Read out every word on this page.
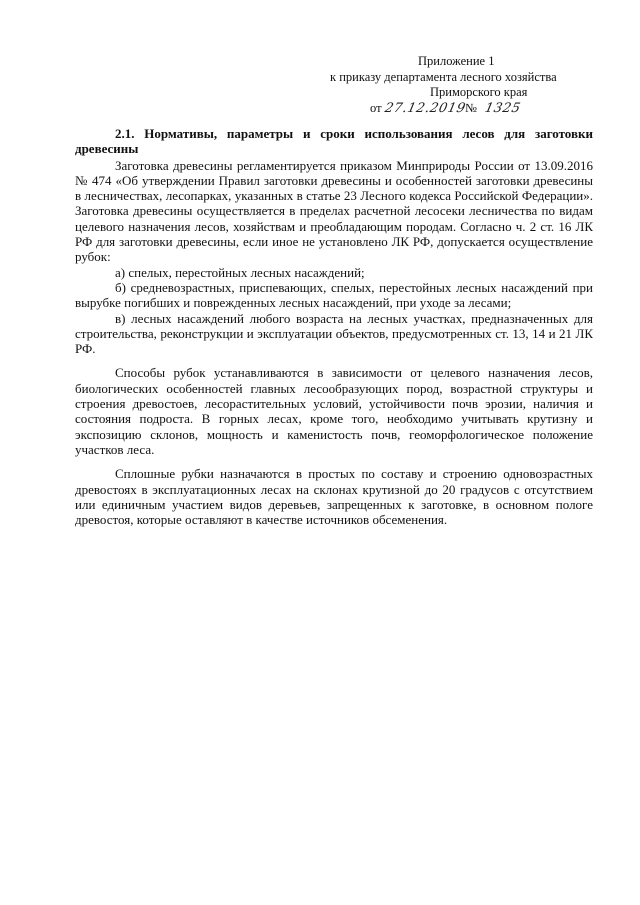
Приложение 1
к приказу департамента лесного хозяйства
Приморского края
от27.12.2019№ 1325
2.1. Нормативы, параметры и сроки использования лесов для заготовки древесины

Заготовка древесины регламентируется приказом Минприроды России от 13.09.2016 № 474 «Об утверждении Правил заготовки древесины и особенностей заготовки древесины в лесничествах, лесопарках, указанных в статье 23 Лесного кодекса Российской Федерации». Заготовка древесины осуществляется в пределах расчетной лесосеки лесничества по видам целевого назначения лесов, хозяйствам и преобладающим породам. Согласно ч. 2 ст. 16 ЛК РФ для заготовки древесины, если иное не установлено ЛК РФ, допускается осуществление рубок:

а) спелых, перестойных лесных насаждений;

б) средневозрастных, приспевающих, спелых, перестойных лесных насаждений при вырубке погибших и поврежденных лесных насаждений, при уходе за лесами;

в) лесных насаждений любого возраста на лесных участках, предназначенных для строительства, реконструкции и эксплуатации объектов, предусмотренных ст. 13, 14 и 21 ЛК РФ.

Способы рубок устанавливаются в зависимости от целевого назначения лесов, биологических особенностей главных лесообразующих пород, возрастной структуры и строения древостоев, лесорастительных условий, устойчивости почв эрозии, наличия и состояния подроста. В горных лесах, кроме того, необходимо учитывать крутизну и экспозицию склонов, мощность и каменистость почв, геоморфологическое положение участков леса.

Сплошные рубки назначаются в простых по составу и строению одновозрастных древостоях в эксплуатационных лесах на склонах крутизной до 20 градусов с отсутствием или единичным участием видов деревьев, запрещенных к заготовке, в основном пологе древостоя, которые оставляют в качестве источников обсеменения.
